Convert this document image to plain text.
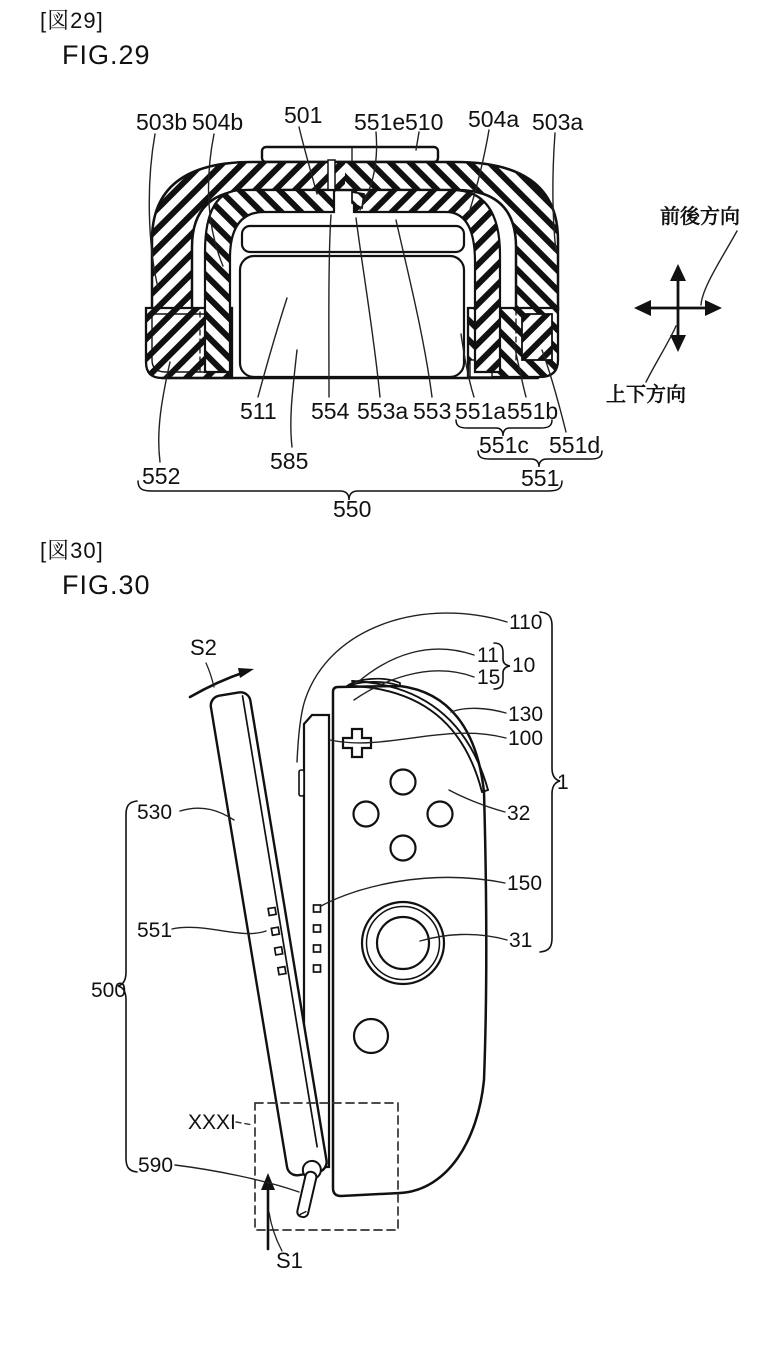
[図29]
FIG.29
503b 504b 501 551e 510 504a 503a
511 554 553a 553 551a 551b
551c 551d
551
585
552
550
前後方向
上下方向
[図30]
FIG.30
S2
110
11
15
10
130
100
32
1
150
31
530
551
500
590
XXXI
S1
